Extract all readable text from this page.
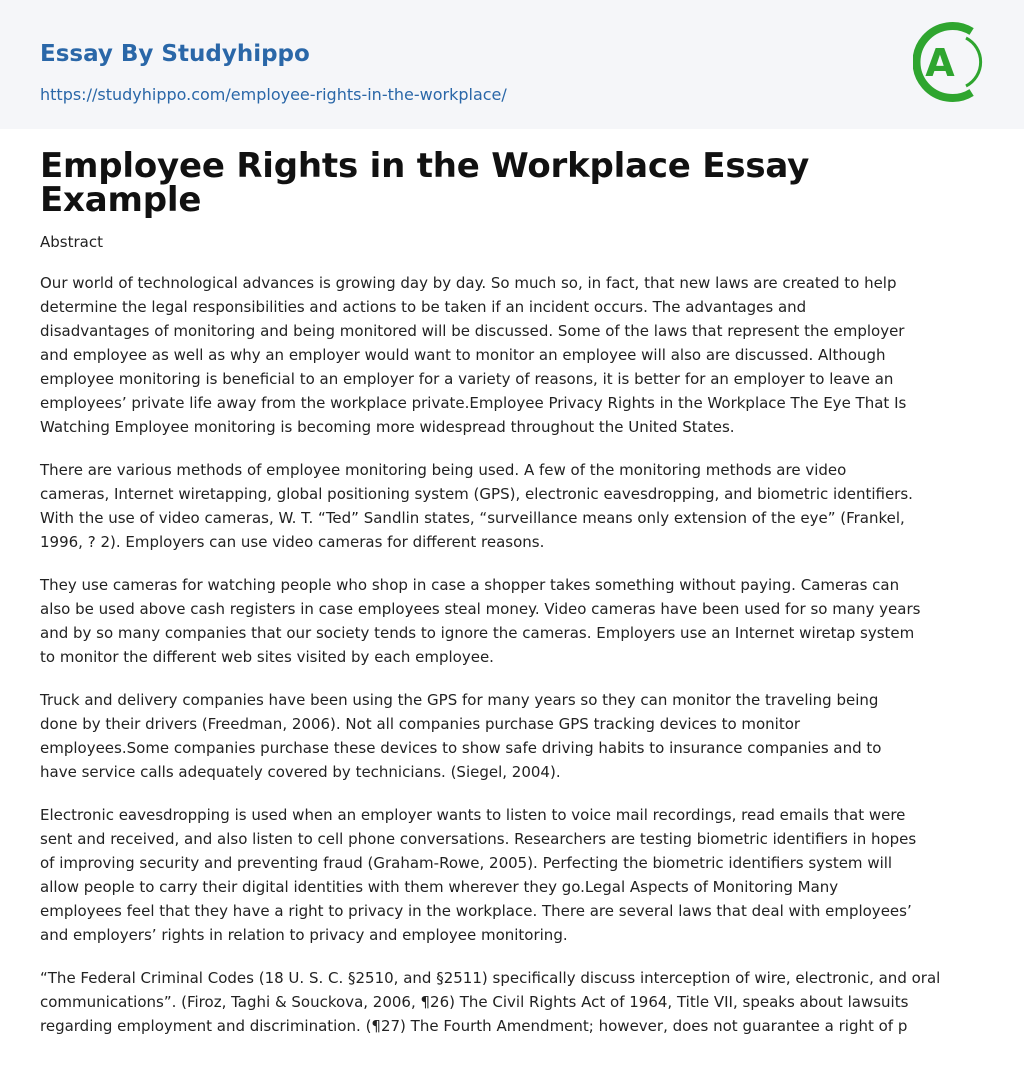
Essay By Studyhippo
https://studyhippo.com/employee-rights-in-the-workplace/
A
Employee Rights in the Workplace Essay
Example
Abstract

Our world of technological advances is growing day by day. So much so, in fact, that new laws are created to help
determine the legal responsibilities and actions to be taken if an incident occurs. The advantages and
disadvantages of monitoring and being monitored will be discussed. Some of the laws that represent the employer
and employee as well as why an employer would want to monitor an employee will also are discussed. Although
employee monitoring is beneficial to an employer for a variety of reasons, it is better for an employer to leave an
employees’ private life away from the workplace private.Employee Privacy Rights in the Workplace The Eye That Is
Watching Employee monitoring is becoming more widespread throughout the United States.

There are various methods of employee monitoring being used. A few of the monitoring methods are video
cameras, Internet wiretapping, global positioning system (GPS), electronic eavesdropping, and biometric identifiers.
With the use of video cameras, W. T. “Ted” Sandlin states, “surveillance means only extension of the eye” (Frankel,
1996, ? 2). Employers can use video cameras for different reasons.

They use cameras for watching people who shop in case a shopper takes something without paying. Cameras can
also be used above cash registers in case employees steal money. Video cameras have been used for so many years
and by so many companies that our society tends to ignore the cameras. Employers use an Internet wiretap system
to monitor the different web sites visited by each employee.

Truck and delivery companies have been using the GPS for many years so they can monitor the traveling being
done by their drivers (Freedman, 2006). Not all companies purchase GPS tracking devices to monitor
employees.Some companies purchase these devices to show safe driving habits to insurance companies and to
have service calls adequately covered by technicians. (Siegel, 2004).

Electronic eavesdropping is used when an employer wants to listen to voice mail recordings, read emails that were
sent and received, and also listen to cell phone conversations. Researchers are testing biometric identifiers in hopes
of improving security and preventing fraud (Graham-Rowe, 2005). Perfecting the biometric identifiers system will
allow people to carry their digital identities with them wherever they go.Legal Aspects of Monitoring Many
employees feel that they have a right to privacy in the workplace. There are several laws that deal with employees’
and employers’ rights in relation to privacy and employee monitoring.

“The Federal Criminal Codes (18 U. S. C. §2510, and §2511) specifically discuss interception of wire, electronic, and oral
communications”. (Firoz, Taghi & Souckova, 2006, ¶26) The Civil Rights Act of 1964, Title VII, speaks about lawsuits
regarding employment and discrimination. (¶27) The Fourth Amendment; however, does not guarantee a right of p
